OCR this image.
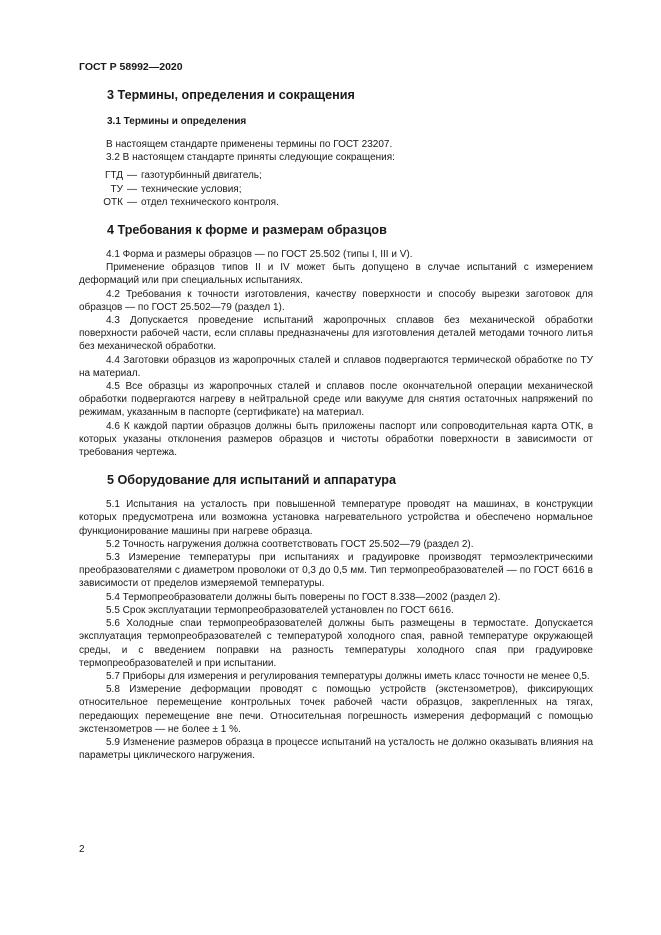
ГОСТ Р 58992—2020
3 Термины, определения и сокращения
3.1 Термины и определения

В настоящем стандарте применены термины по ГОСТ 23207.

3.2 В настоящем стандарте приняты следующие сокращения:

ГТД — газотурбинный двигатель;
ТУ — технические условия;
ОТК — отдел технического контроля.
4 Требования к форме и размерам образцов

4.1 Форма и размеры образцов — по ГОСТ 25.502 (типы I, III и V).

Применение образцов типов II и IV может быть допущено в случае испытаний с измерением деформаций или при специальных испытаниях.

4.2 Требования к точности изготовления, качеству поверхности и способу вырезки заготовок для образцов — по ГОСТ 25.502—79 (раздел 1).

4.3 Допускается проведение испытаний жаропрочных сплавов без механической обработки поверхности рабочей части, если сплавы предназначены для изготовления деталей методами точного литья без механической обработки.

4.4 Заготовки образцов из жаропрочных сталей и сплавов подвергаются термической обработке по ТУ на материал.

4.5 Все образцы из жаропрочных сталей и сплавов после окончательной операции механической обработки подвергаются нагреву в нейтральной среде или вакууме для снятия остаточных напряжений по режимам, указанным в паспорте (сертификате) на материал.

4.6 К каждой партии образцов должны быть приложены паспорт или сопроводительная карта ОТК, в которых указаны отклонения размеров образцов и чистоты обработки поверхности в зависимости от требования чертежа.

5 Оборудование для испытаний и аппаратура

5.1 Испытания на усталость при повышенной температуре проводят на машинах, в конструкции которых предусмотрена или возможна установка нагревательного устройства и обеспечено нормальное функционирование машины при нагреве образца.

5.2 Точность нагружения должна соответствовать ГОСТ 25.502—79 (раздел 2).

5.3 Измерение температуры при испытаниях и градуировке производят термоэлектрическими преобразователями с диаметром проволоки от 0,3 до 0,5 мм. Тип термопреобразователей — по ГОСТ 6616 в зависимости от пределов измеряемой температуры.

5.4 Термопреобразователи должны быть поверены по ГОСТ 8.338—2002 (раздел 2).

5.5 Срок эксплуатации термопреобразователей установлен по ГОСТ 6616.

5.6 Холодные спаи термопреобразователей должны быть размещены в термостате. Допускается эксплуатация термопреобразователей с температурой холодного спая, равной температуре окружающей среды, и с введением поправки на разность температуры холодного спая при градуировке термопреобразователей и при испытании.

5.7 Приборы для измерения и регулирования температуры должны иметь класс точности не менее 0,5.

5.8 Измерение деформации проводят с помощью устройств (экстензометров), фиксирующих относительное перемещение контрольных точек рабочей части образцов, закрепленных на тягах, передающих перемещение вне печи. Относительная погрешность измерения деформаций с помощью экстензометров — не более ± 1 %.

5.9 Изменение размеров образца в процессе испытаний на усталость не должно оказывать влияния на параметры циклического нагружения.

2
